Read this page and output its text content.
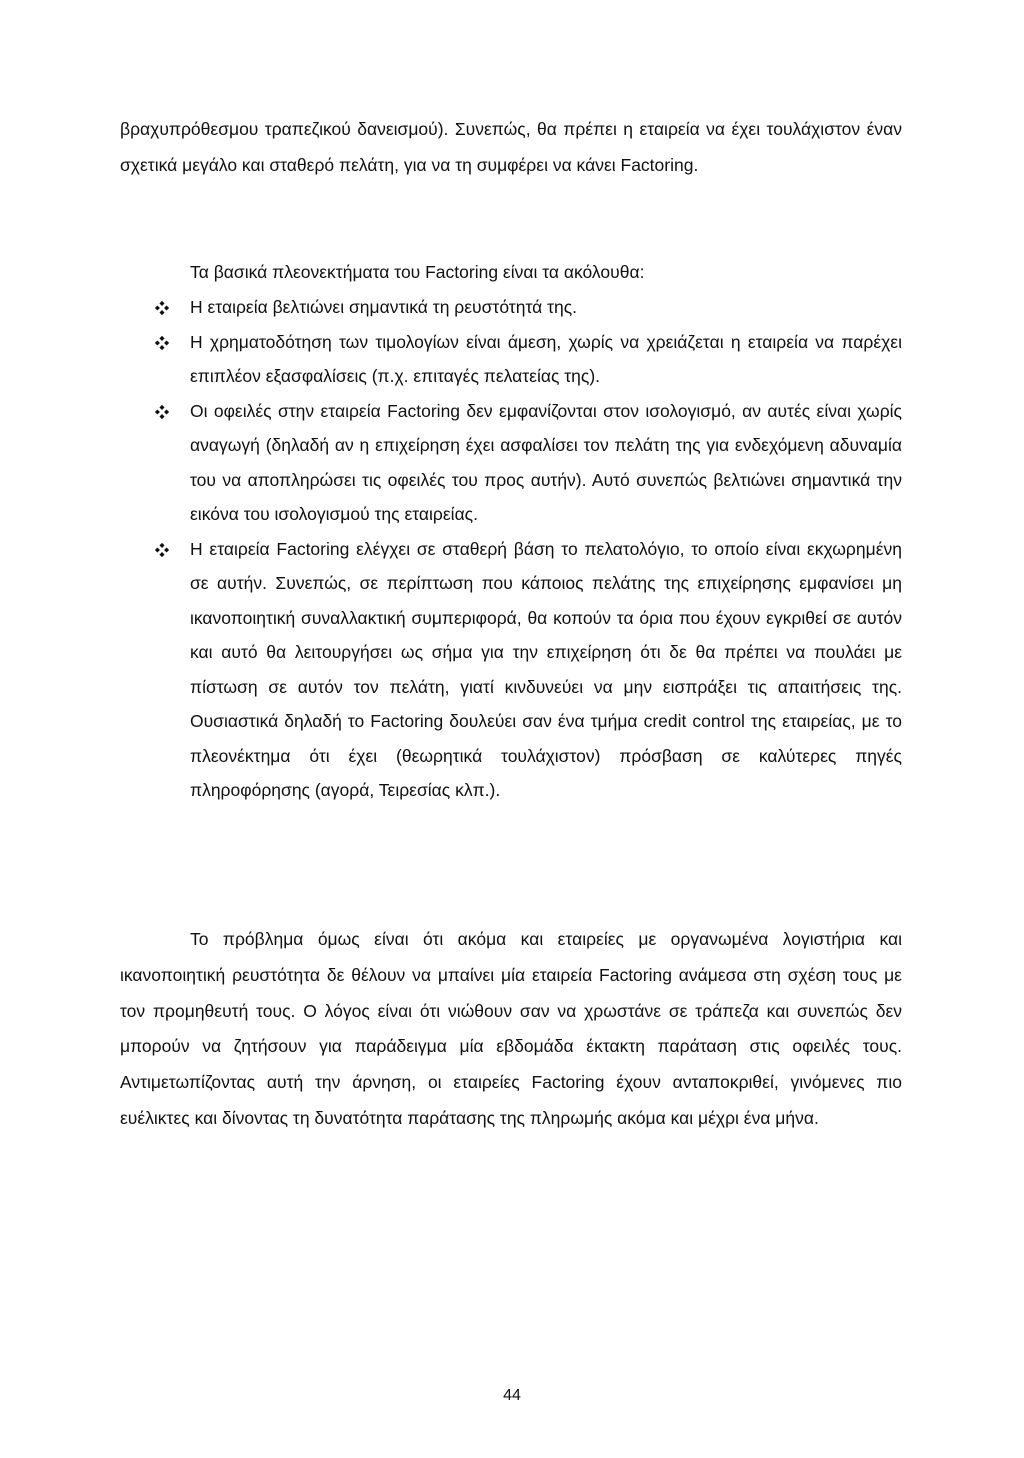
βραχυπρόθεσμου τραπεζικού δανεισμού). Συνεπώς, θα πρέπει η εταιρεία να έχει τουλάχιστον έναν σχετικά μεγάλο και σταθερό πελάτη, για να τη συμφέρει να κάνει Factoring.

Τα βασικά πλεονεκτήματα του Factoring είναι τα ακόλουθα:

Η εταιρεία βελτιώνει σημαντικά τη ρευστότητά της.
Η χρηματοδότηση των τιμολογίων είναι άμεση, χωρίς να χρειάζεται η εταιρεία να παρέχει επιπλέον εξασφαλίσεις (π.χ. επιταγές πελατείας της).
Οι οφειλές στην εταιρεία Factoring δεν εμφανίζονται στον ισολογισμό, αν αυτές είναι χωρίς αναγωγή (δηλαδή αν η επιχείρηση έχει ασφαλίσει τον πελάτη της για ενδεχόμενη αδυναμία του να αποπληρώσει τις οφειλές του προς αυτήν). Αυτό συνεπώς βελτιώνει σημαντικά την εικόνα του ισολογισμού της εταιρείας.
Η εταιρεία Factoring ελέγχει σε σταθερή βάση το πελατολόγιο, το οποίο είναι εκχωρημένη σε αυτήν. Συνεπώς, σε περίπτωση που κάποιος πελάτης της επιχείρησης εμφανίσει μη ικανοποιητική συναλλακτική συμπεριφορά, θα κοπούν τα όρια που έχουν εγκριθεί σε αυτόν και αυτό θα λειτουργήσει ως σήμα για την επιχείρηση ότι δε θα πρέπει να πουλάει με πίστωση σε αυτόν τον πελάτη, γιατί κινδυνεύει να μην εισπράξει τις απαιτήσεις της. Ουσιαστικά δηλαδή το Factoring δουλεύει σαν ένα τμήμα credit control της εταιρείας, με το πλεονέκτημα ότι έχει (θεωρητικά τουλάχιστον) πρόσβαση σε καλύτερες πηγές πληροφόρησης (αγορά, Τειρεσίας κλπ.).

Το πρόβλημα όμως είναι ότι ακόμα και εταιρείες με οργανωμένα λογιστήρια και ικανοποιητική ρευστότητα δε θέλουν να μπαίνει μία εταιρεία Factoring ανάμεσα στη σχέση τους με τον προμηθευτή τους. Ο λόγος είναι ότι νιώθουν σαν να χρωστάνε σε τράπεζα και συνεπώς δεν μπορούν να ζητήσουν για παράδειγμα μία εβδομάδα έκτακτη παράταση στις οφειλές τους. Αντιμετωπίζοντας αυτή την άρνηση, οι εταιρείες Factoring έχουν ανταποκριθεί, γινόμενες πιο ευέλικτες και δίνοντας τη δυνατότητα παράτασης της πληρωμής ακόμα και μέχρι ένα μήνα.

44
